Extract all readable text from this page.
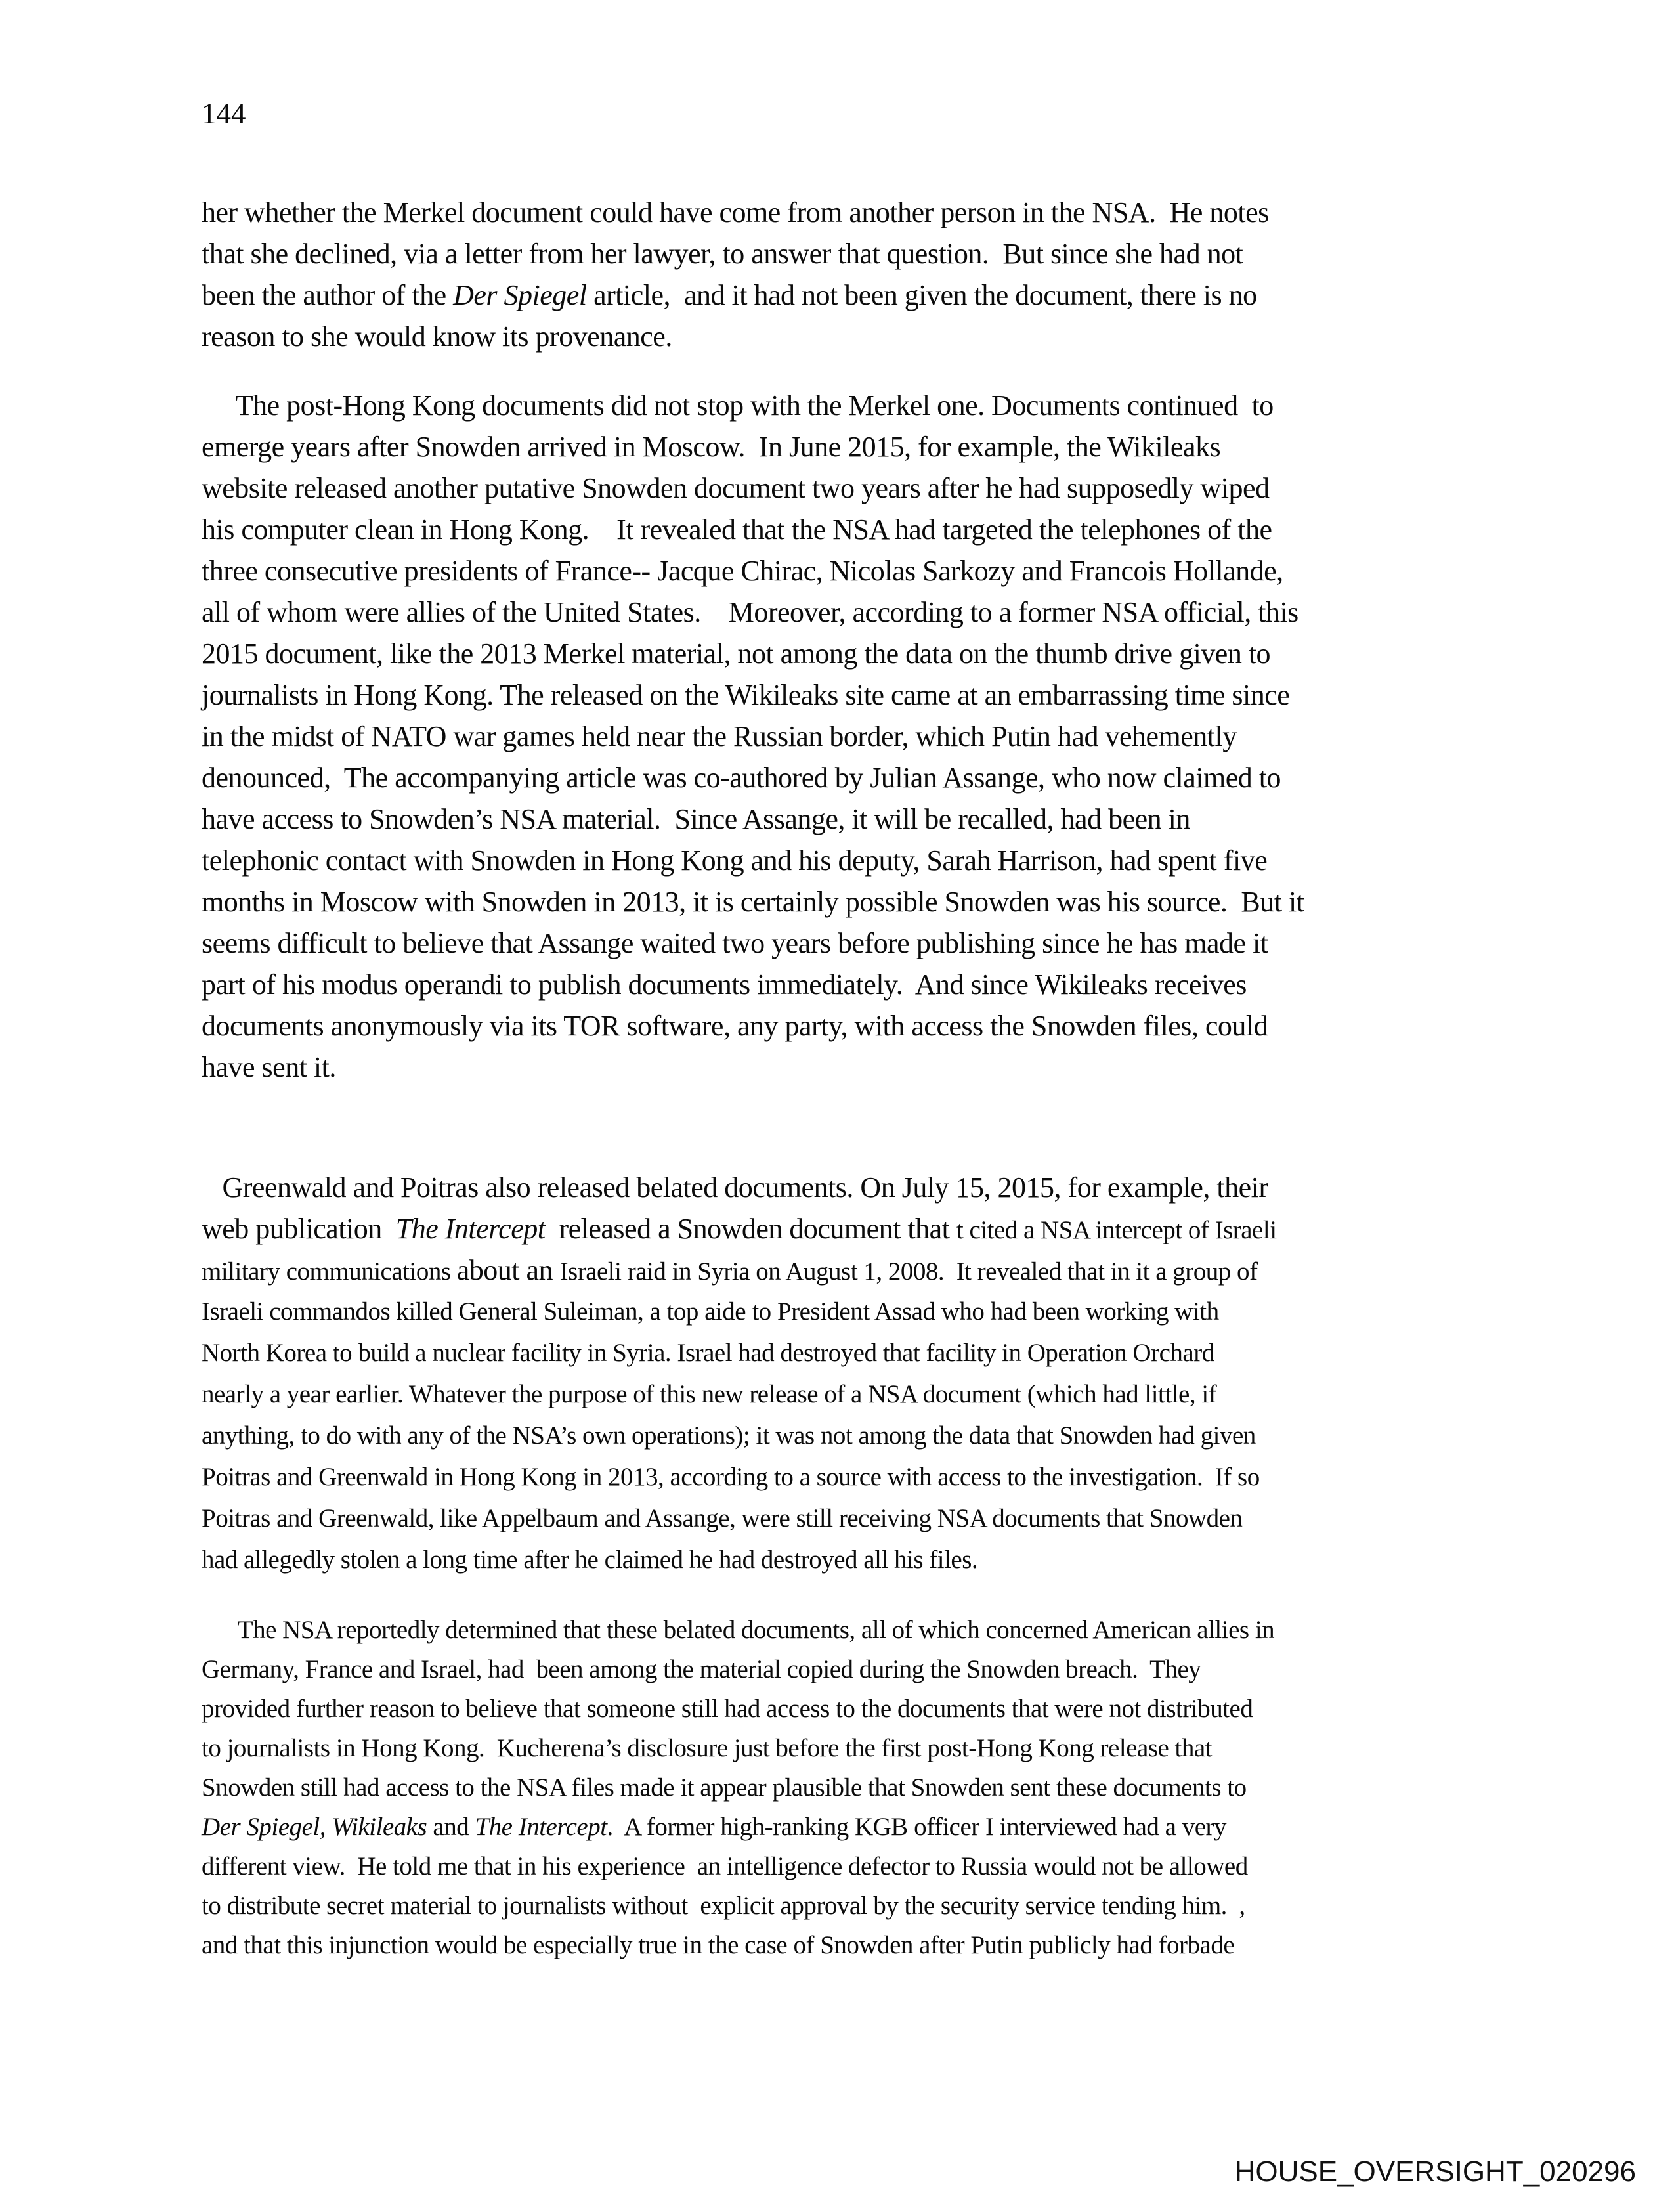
144
her whether the Merkel document could have come from another person in the NSA.  He notes
that she declined, via a letter from her lawyer, to answer that question.  But since she had not
been the author of the Der Spiegel article,  and it had not been given the document, there is no
reason to she would know its provenance.
The post-Hong Kong documents did not stop with the Merkel one. Documents continued  to
emerge years after Snowden arrived in Moscow.  In June 2015, for example, the Wikileaks
website released another putative Snowden document two years after he had supposedly wiped
his computer clean in Hong Kong.    It revealed that the NSA had targeted the telephones of the
three consecutive presidents of France-- Jacque Chirac, Nicolas Sarkozy and Francois Hollande,
all of whom were allies of the United States.    Moreover, according to a former NSA official, this
2015 document, like the 2013 Merkel material, not among the data on the thumb drive given to
journalists in Hong Kong. The released on the Wikileaks site came at an embarrassing time since
in the midst of NATO war games held near the Russian border, which Putin had vehemently
denounced,  The accompanying article was co-authored by Julian Assange, who now claimed to
have access to Snowden’s NSA material.  Since Assange, it will be recalled, had been in
telephonic contact with Snowden in Hong Kong and his deputy, Sarah Harrison, had spent five
months in Moscow with Snowden in 2013, it is certainly possible Snowden was his source.  But it
seems difficult to believe that Assange waited two years before publishing since he has made it
part of his modus operandi to publish documents immediately.  And since Wikileaks receives
documents anonymously via its TOR software, any party, with access the Snowden files, could
have sent it.
Greenwald and Poitras also released belated documents. On July 15, 2015, for example, their
web publication  The Intercept  released a Snowden document that t cited a NSA intercept of Israeli
military communications about an Israeli raid in Syria on August 1, 2008.  It revealed that in it a group of
Israeli commandos killed General Suleiman, a top aide to President Assad who had been working with
North Korea to build a nuclear facility in Syria. Israel had destroyed that facility in Operation Orchard
nearly a year earlier. Whatever the purpose of this new release of a NSA document (which had little, if
anything, to do with any of the NSA’s own operations); it was not among the data that Snowden had given
Poitras and Greenwald in Hong Kong in 2013, according to a source with access to the investigation.  If so
Poitras and Greenwald, like Appelbaum and Assange, were still receiving NSA documents that Snowden
had allegedly stolen a long time after he claimed he had destroyed all his files.
The NSA reportedly determined that these belated documents, all of which concerned American allies in
Germany, France and Israel, had  been among the material copied during the Snowden breach.  They
provided further reason to believe that someone still had access to the documents that were not distributed
to journalists in Hong Kong.  Kucherena’s disclosure just before the first post-Hong Kong release that
Snowden still had access to the NSA files made it appear plausible that Snowden sent these documents to
Der Spiegel, Wikileaks and The Intercept.  A former high-ranking KGB officer I interviewed had a very
different view.  He told me that in his experience  an intelligence defector to Russia would not be allowed
to distribute secret material to journalists without  explicit approval by the security service tending him.  ,
and that this injunction would be especially true in the case of Snowden after Putin publicly had forbade
HOUSE_OVERSIGHT_020296
